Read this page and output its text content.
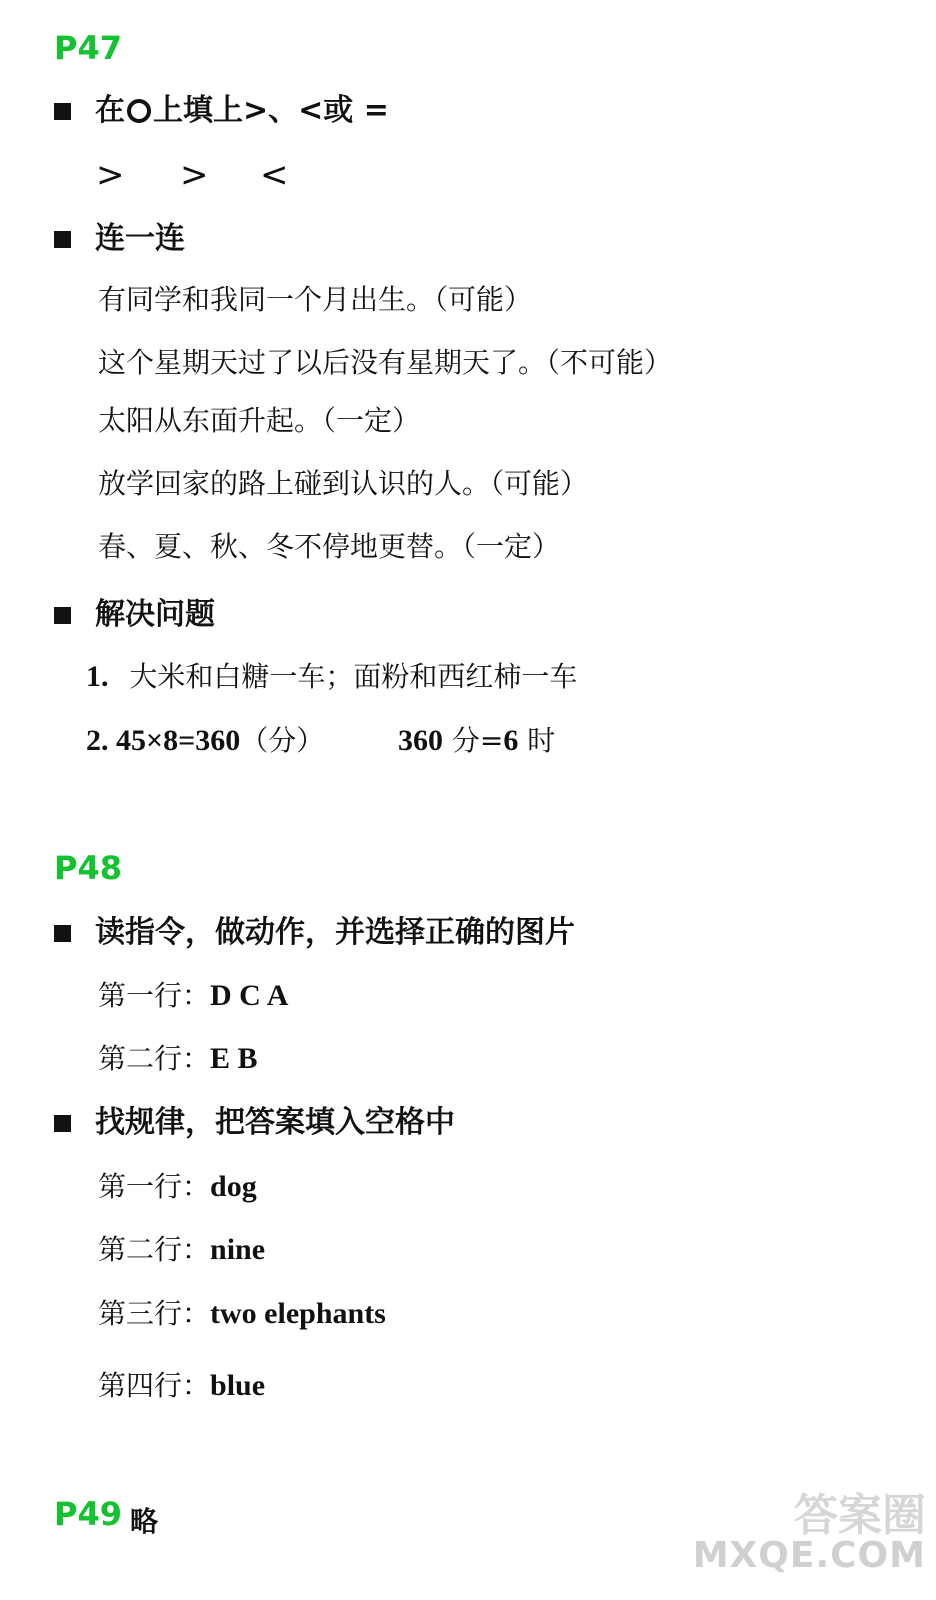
P47
在 上填上>、<或 =
> > <
连一连
有同学和我同一个月出生。（可能）
这个星期天过了以后没有星期天了。（不可能）
太阳从东面升起。（一定）
放学回家的路上碰到认识的人。（可能）
春、夏、秋、冬不停地更替。（一定）
解决问题
1. 大米和白糖一车；面粉和西红柿一车
2. 45×8=360（分） 360 分=6 时
P48
读指令，做动作，并选择正确的图片
第一行：D C A
第二行：E B
找规律，把答案填入空格中
第一行：dog
第二行：nine
第三行：two elephants
第四行：blue
P49 略	答案圈
MXQE.COM
